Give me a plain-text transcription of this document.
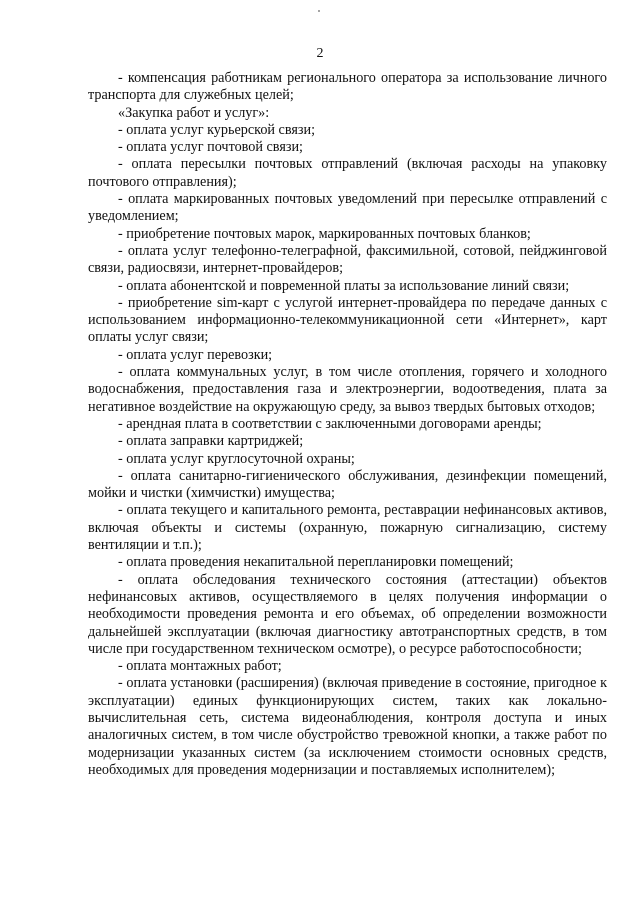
2

- компенсация работникам регионального оператора за использование личного транспорта для служебных целей;

«Закупка работ и услуг»:

- оплата услуг курьерской связи;

- оплата услуг почтовой связи;

- оплата пересылки почтовых отправлений (включая расходы на упаковку почтового отправления);

- оплата маркированных почтовых уведомлений при пересылке отправлений с уведомлением;

- приобретение почтовых марок, маркированных почтовых бланков;

- оплата услуг телефонно-телеграфной, факсимильной, сотовой, пейджинговой связи, радиосвязи, интернет-провайдеров;

- оплата абонентской и повременной платы за использование линий связи;

- приобретение sim-карт с услугой интернет-провайдера по передаче данных с использованием информационно-телекоммуникационной сети «Интернет», карт оплаты услуг связи;

- оплата услуг перевозки;

- оплата коммунальных услуг, в том числе отопления, горячего и холодного водоснабжения, предоставления газа и электроэнергии, водоотведения, плата за негативное воздействие на окружающую среду, за вывоз твердых бытовых отходов;

- арендная плата в соответствии с заключенными договорами аренды;

- оплата заправки картриджей;

- оплата услуг круглосуточной охраны;

- оплата санитарно-гигиенического обслуживания, дезинфекции помещений, мойки и чистки (химчистки) имущества;

- оплата текущего и капитального ремонта, реставрации нефинансовых активов, включая объекты и системы (охранную, пожарную сигнализацию, систему вентиляции и т.п.);

- оплата проведения некапитальной перепланировки помещений;

- оплата обследования технического состояния (аттестации) объектов нефинансовых активов, осуществляемого в целях получения информации о необходимости проведения ремонта и его объемах, об определении возможности дальнейшей эксплуатации (включая диагностику автотранспортных средств, в том числе при государственном техническом осмотре), о ресурсе работоспособности;

- оплата монтажных работ;

- оплата установки (расширения) (включая приведение в состояние, пригодное к эксплуатации) единых функционирующих систем, таких как локально-вычислительная сеть, система видеонаблюдения, контроля доступа и иных аналогичных систем, в том числе обустройство тревожной кнопки, а также работ по модернизации указанных систем (за исключением стоимости основных средств, необходимых для проведения модернизации и поставляемых исполнителем);
